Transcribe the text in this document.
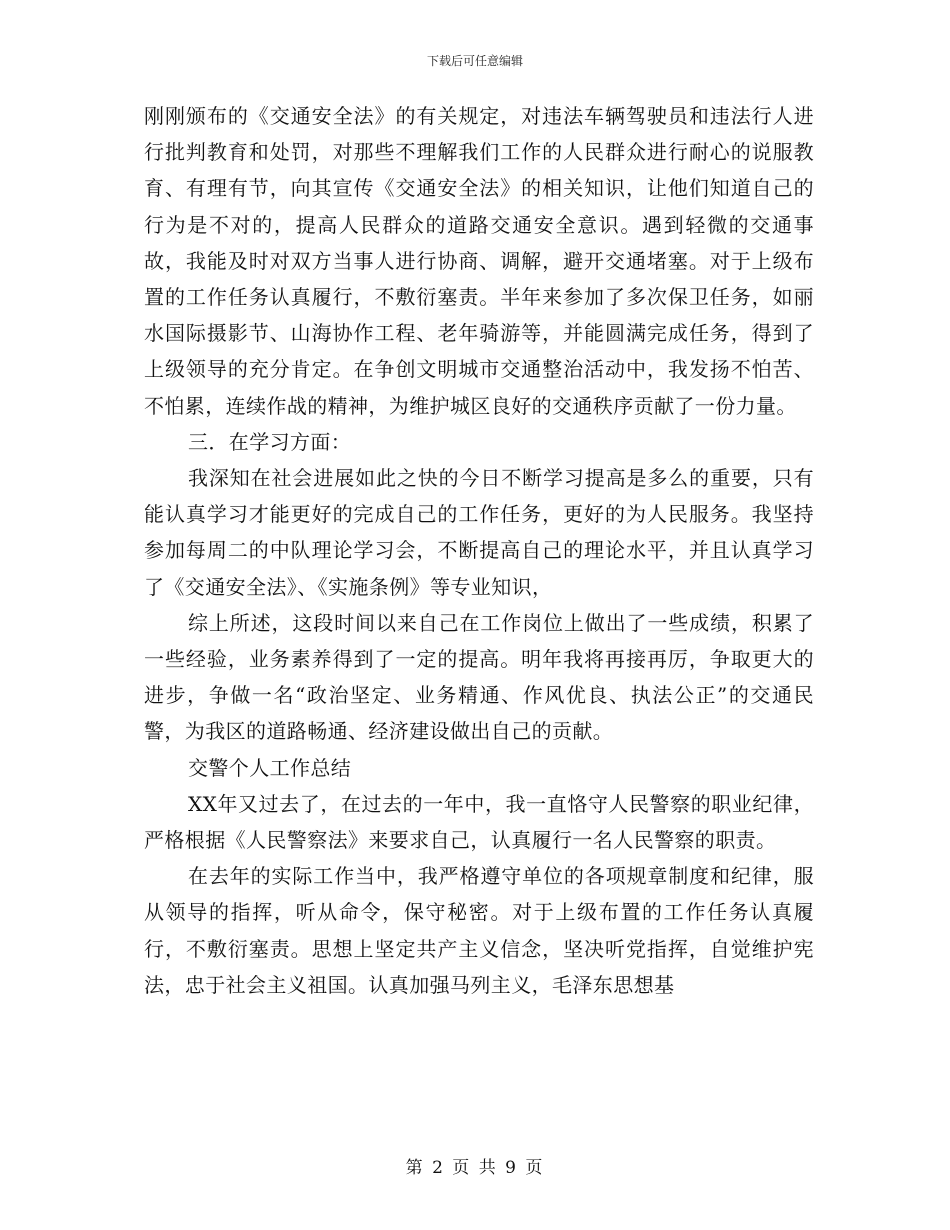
下载后可任意编辑

刚刚颁布的《交通安全法》的有关规定，对违法车辆驾驶员和违法行人进行批判教育和处罚，对那些不理解我们工作的人民群众进行耐心的说服教育、有理有节，向其宣传《交通安全法》的相关知识，让他们知道自己的行为是不对的，提高人民群众的道路交通安全意识。遇到轻微的交通事故，我能及时对双方当事人进行协商、调解，避开交通堵塞。对于上级布置的工作任务认真履行，不敷衍塞责。半年来参加了多次保卫任务，如丽水国际摄影节、山海协作工程、老年骑游等，并能圆满完成任务，得到了上级领导的充分肯定。在争创文明城市交通整治活动中，我发扬不怕苦、不怕累，连续作战的精神，为维护城区良好的交通秩序贡献了一份力量。

三．在学习方面：

我深知在社会进展如此之快的今日不断学习提高是多么的重要，只有能认真学习才能更好的完成自己的工作任务，更好的为人民服务。我坚持参加每周二的中队理论学习会，不断提高自己的理论水平，并且认真学习了《交通安全法》、《实施条例》等专业知识，

综上所述，这段时间以来自己在工作岗位上做出了一些成绩，积累了一些经验，业务素养得到了一定的提高。明年我将再接再厉，争取更大的进步，争做一名“政治坚定、业务精通、作风优良、执法公正”的交通民警，为我区的道路畅通、经济建设做出自己的贡献。

交警个人工作总结

XX年又过去了，在过去的一年中，我一直恪守人民警察的职业纪律，严格根据《人民警察法》来要求自己，认真履行一名人民警察的职责。

在去年的实际工作当中，我严格遵守单位的各项规章制度和纪律，服从领导的指挥，听从命令，保守秘密。对于上级布置的工作任务认真履行，不敷衍塞责。思想上坚定共产主义信念，坚决听党指挥，自觉维护宪法，忠于社会主义祖国。认真加强马列主义，毛泽东思想基

第 2 页 共 9 页
